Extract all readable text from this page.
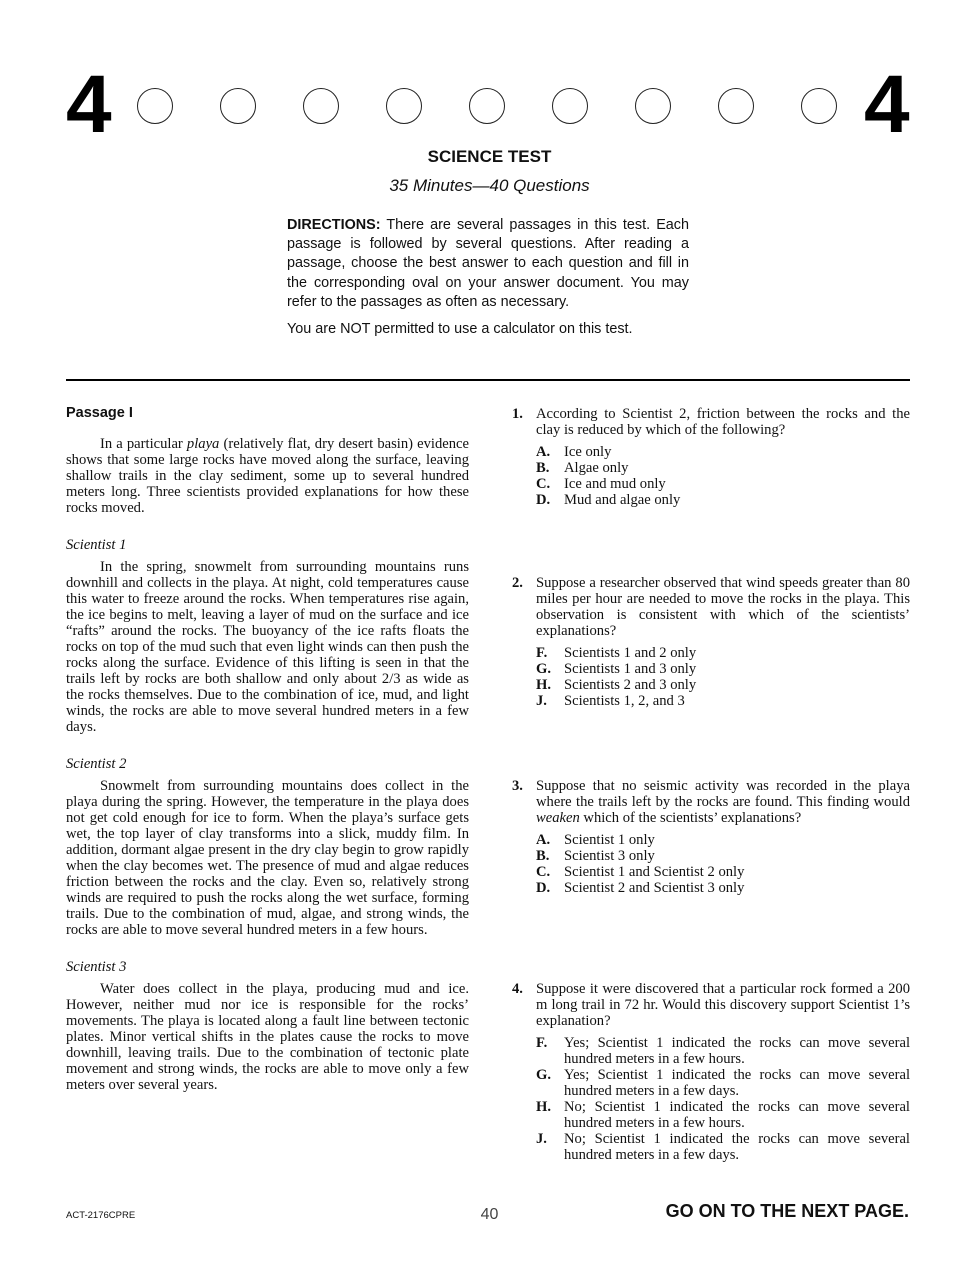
4	4
SCIENCE TEST
35 Minutes—40 Questions

DIRECTIONS: There are several passages in this test. Each passage is followed by several questions. After reading a passage, choose the best answer to each question and fill in the corresponding oval on your answer document. You may refer to the passages as often as necessary.

You are NOT permitted to use a calculator on this test.

Passage I

In a particular playa (relatively flat, dry desert basin) evidence shows that some large rocks have moved along the surface, leaving shallow trails in the clay sediment, some up to several hundred meters long. Three scientists provided explanations for how these rocks moved.

Scientist 1

In the spring, snowmelt from surrounding mountains runs downhill and collects in the playa. At night, cold temperatures cause this water to freeze around the rocks. When temperatures rise again, the ice begins to melt, leaving a layer of mud on the surface and ice “rafts” around the rocks. The buoyancy of the ice rafts floats the rocks on top of the mud such that even light winds can then push the rocks along the surface. Evidence of this lifting is seen in that the trails left by rocks are both shallow and only about 2/3 as wide as the rocks themselves. Due to the combination of ice, mud, and light winds, the rocks are able to move several hundred meters in a few days.

Scientist 2

Snowmelt from surrounding mountains does collect in the playa during the spring. However, the temperature in the playa does not get cold enough for ice to form. When the playa’s surface gets wet, the top layer of clay transforms into a slick, muddy film. In addition, dormant algae present in the dry clay begin to grow rapidly when the clay becomes wet. The presence of mud and algae reduces friction between the rocks and the clay. Even so, relatively strong winds are required to push the rocks along the wet surface, forming trails. Due to the combination of mud, algae, and strong winds, the rocks are able to move several hundred meters in a few hours.

Scientist 3

Water does collect in the playa, producing mud and ice. However, neither mud nor ice is responsible for the rocks’ movements. The playa is located along a fault line between tectonic plates. Minor vertical shifts in the plates cause the rocks to move downhill, leaving trails. Due to the combination of tectonic plate movement and strong winds, the rocks are able to move only a few meters over several years.

1. According to Scientist 2, friction between the rocks and the clay is reduced by which of the following?
A. Ice only
B.	Algae only
C. Ice and mud only
D. Mud and algae only
2. Suppose a researcher observed that wind speeds greater than 80 miles per hour are needed to move the rocks in the playa. This observation is consistent with which of the scientists’ explanations?
F.	Scientists 1 and 2 only
G. Scientists 1 and 3 only
H. Scientists 2 and 3 only
J.	Scientists 1, 2, and 3
3. Suppose that no seismic activity was recorded in the playa where the trails left by the rocks are found. This finding would weaken which of the scientists’ explanations?
A. Scientist 1 only
B.	Scientist 3 only
C. Scientist 1 and Scientist 2 only
D. Scientist 2 and Scientist 3 only
4. Suppose it were discovered that a particular rock formed a 200 m long trail in 72 hr. Would this discovery support Scientist 1’s explanation?
F.	Yes; Scientist 1 indicated the rocks can move several hundred meters in a few hours.
G. Yes; Scientist 1 indicated the rocks can move several hundred meters in a few days.
H. No; Scientist 1 indicated the rocks can move several hundred meters in a few hours.
J.	No; Scientist 1 indicated the rocks can move several hundred meters in a few days.
ACT-2176CPRE	40	GO ON TO THE NEXT PAGE.
